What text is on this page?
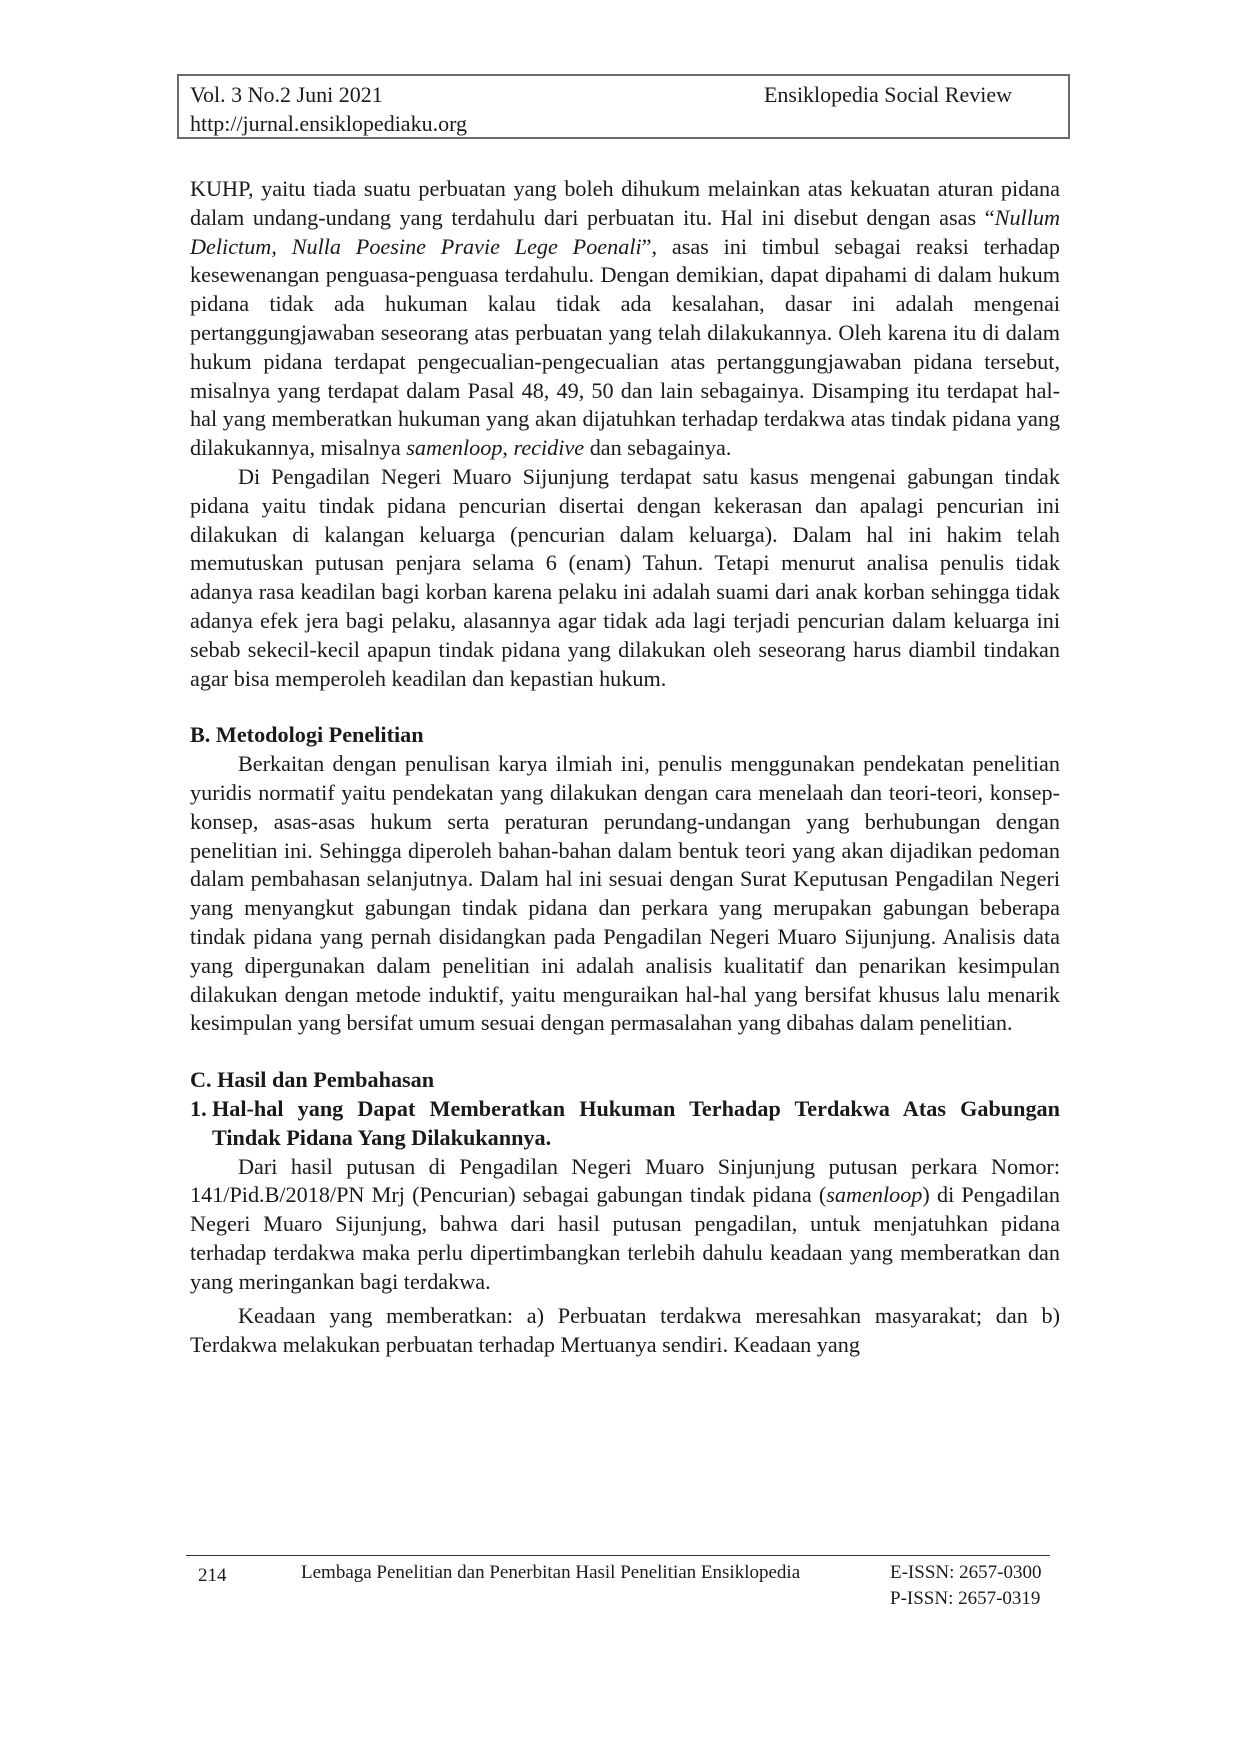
Vol. 3 No.2 Juni 2021
http://jurnal.ensiklopediaku.org
Ensiklopedia Social Review

KUHP, yaitu tiada suatu perbuatan yang boleh dihukum melainkan atas kekuatan aturan pidana dalam undang-undang yang terdahulu dari perbuatan itu. Hal ini disebut dengan asas “Nullum Delictum, Nulla Poesine Pravie Lege Poenali”, asas ini timbul sebagai reaksi terhadap kesewenangan penguasa-penguasa terdahulu. Dengan demikian, dapat dipahami di dalam hukum pidana tidak ada hukuman kalau tidak ada kesalahan, dasar ini adalah mengenai pertanggungjawaban seseorang atas perbuatan yang telah dilakukannya. Oleh karena itu di dalam hukum pidana terdapat pengecualian-pengecualian atas pertanggungjawaban pidana tersebut, misalnya yang terdapat dalam Pasal 48, 49, 50 dan lain sebagainya. Disamping itu terdapat hal-hal yang memberatkan hukuman yang akan dijatuhkan terhadap terdakwa atas tindak pidana yang dilakukannya, misalnya samenloop, recidive dan sebagainya.

Di Pengadilan Negeri Muaro Sijunjung terdapat satu kasus mengenai gabungan tindak pidana yaitu tindak pidana pencurian disertai dengan kekerasan dan apalagi pencurian ini dilakukan di kalangan keluarga (pencurian dalam keluarga). Dalam hal ini hakim telah memutuskan putusan penjara selama 6 (enam) Tahun. Tetapi menurut analisa penulis tidak adanya rasa keadilan bagi korban karena pelaku ini adalah suami dari anak korban sehingga tidak adanya efek jera bagi pelaku, alasannya agar tidak ada lagi terjadi pencurian dalam keluarga ini sebab sekecil-kecil apapun tindak pidana yang dilakukan oleh seseorang harus diambil tindakan agar bisa memperoleh keadilan dan kepastian hukum.

B. Metodologi Penelitian

Berkaitan dengan penulisan karya ilmiah ini, penulis menggunakan pendekatan penelitian yuridis normatif yaitu pendekatan yang dilakukan dengan cara menelaah dan teori-teori, konsep-konsep, asas-asas hukum serta peraturan perundang-undangan yang berhubungan dengan penelitian ini. Sehingga diperoleh bahan-bahan dalam bentuk teori yang akan dijadikan pedoman dalam pembahasan selanjutnya. Dalam hal ini sesuai dengan Surat Keputusan Pengadilan Negeri yang menyangkut gabungan tindak pidana dan perkara yang merupakan gabungan beberapa tindak pidana yang pernah disidangkan pada Pengadilan Negeri Muaro Sijunjung. Analisis data yang dipergunakan dalam penelitian ini adalah analisis kualitatif dan penarikan kesimpulan dilakukan dengan metode induktif, yaitu menguraikan hal-hal yang bersifat khusus lalu menarik kesimpulan yang bersifat umum sesuai dengan permasalahan yang dibahas dalam penelitian.

C. Hasil dan Pembahasan

1. Hal-hal yang Dapat Memberatkan Hukuman Terhadap Terdakwa Atas Gabungan Tindak Pidana Yang Dilakukannya.

Dari hasil putusan di Pengadilan Negeri Muaro Sinjunjung putusan perkara Nomor: 141/Pid.B/2018/PN Mrj (Pencurian) sebagai gabungan tindak pidana (samenloop) di Pengadilan Negeri Muaro Sijunjung, bahwa dari hasil putusan pengadilan, untuk menjatuhkan pidana terhadap terdakwa maka perlu dipertimbangkan terlebih dahulu keadaan yang memberatkan dan yang meringankan bagi terdakwa.

Keadaan yang memberatkan: a) Perbuatan terdakwa meresahkan masyarakat; dan b) Terdakwa melakukan perbuatan terhadap Mertuanya sendiri. Keadaan yang

214	Lembaga Penelitian dan Penerbitan Hasil Penelitian Ensiklopedia	E-ISSN: 2657-0300
P-ISSN: 2657-0319
